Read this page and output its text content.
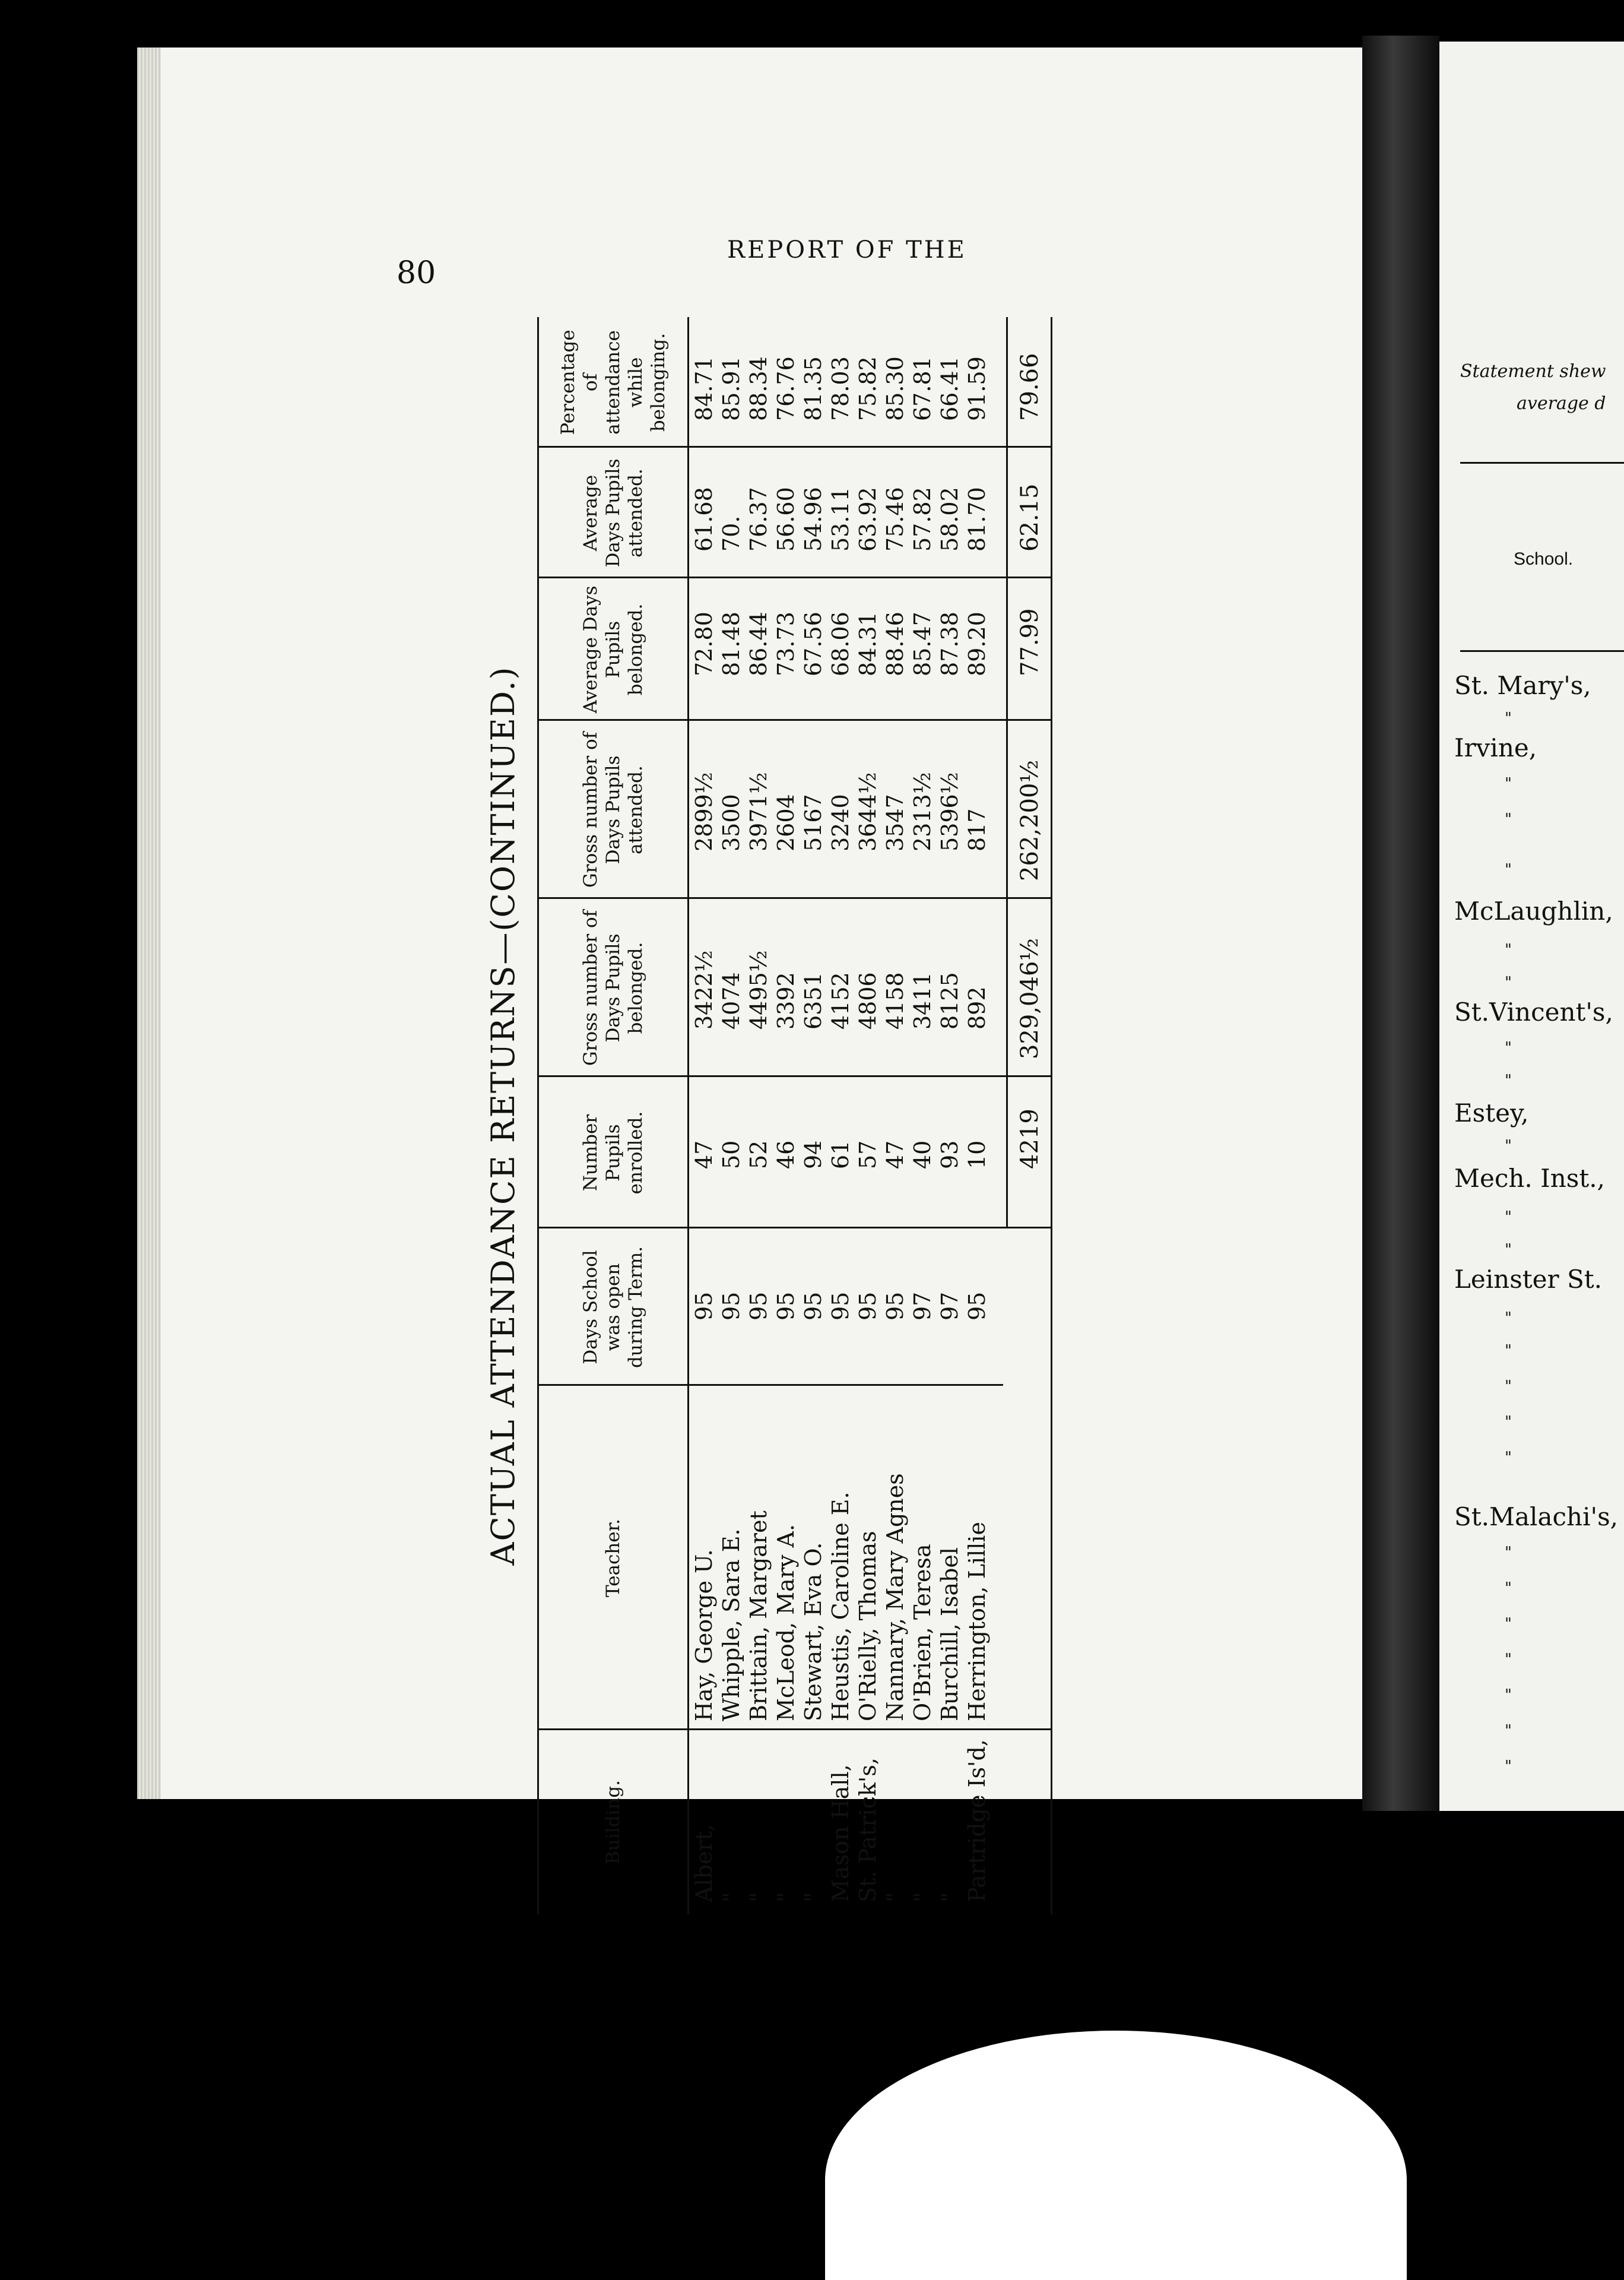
80
REPORT OF THE
ACTUAL ATTENDANCE RETURNS—(CONTINUED.)
Building.
Teacher.
Days School was open during Term.
Number Pupils enrolled.
Gross number of Days Pupils belonged.
Gross number of Days Pupils attended.
Average Days Pupils belonged.
Average Days Pupils attended.
Percentage of attendance while belonging.
Albert,
Hay, George U.
95
47
3422½
2899½
72.80
61.68
84.71
"
Whipple, Sara E.
95
50
4074
3500
81.48
70.
85.91
"
Brittain, Margaret
95
52
4495½
3971½
86.44
76.37
88.34
"
McLeod, Mary A.
95
46
3392
2604
73.73
56.60
76.76
"
Stewart, Eva O.
95
94
6351
5167
67.56
54.96
81.35
Mason Hall,
Heustis, Caroline E.
95
61
4152
3240
68.06
53.11
78.03
St. Patrick's,
O'Rielly, Thomas
95
57
4806
3644½
84.31
63.92
75.82
"
Nannary, Mary Agnes
95
47
4158
3547
88.46
75.46
85.30
"
O'Brien, Teresa
97
40
3411
2313½
85.47
57.82
67.81
"
Burchill, Isabel
97
93
8125
5396½
87.38
58.02
66.41
Partridge Is'd,
Herrington, Lillie
95
10
892
817
89.20
81.70
91.59
4219
329,046½
262,200½
77.99
62.15
79.66	Statement shew
average d
School.
St. Mary's,
"
Irvine,
"
"
"
McLaughlin,
"
"
St.Vincent's,
"
"
Estey,
"
Mech. Inst.,
"
"
Leinster St.
"
"
"
"
"
St.Malachi's,
"
"
"
"
"
"
"
